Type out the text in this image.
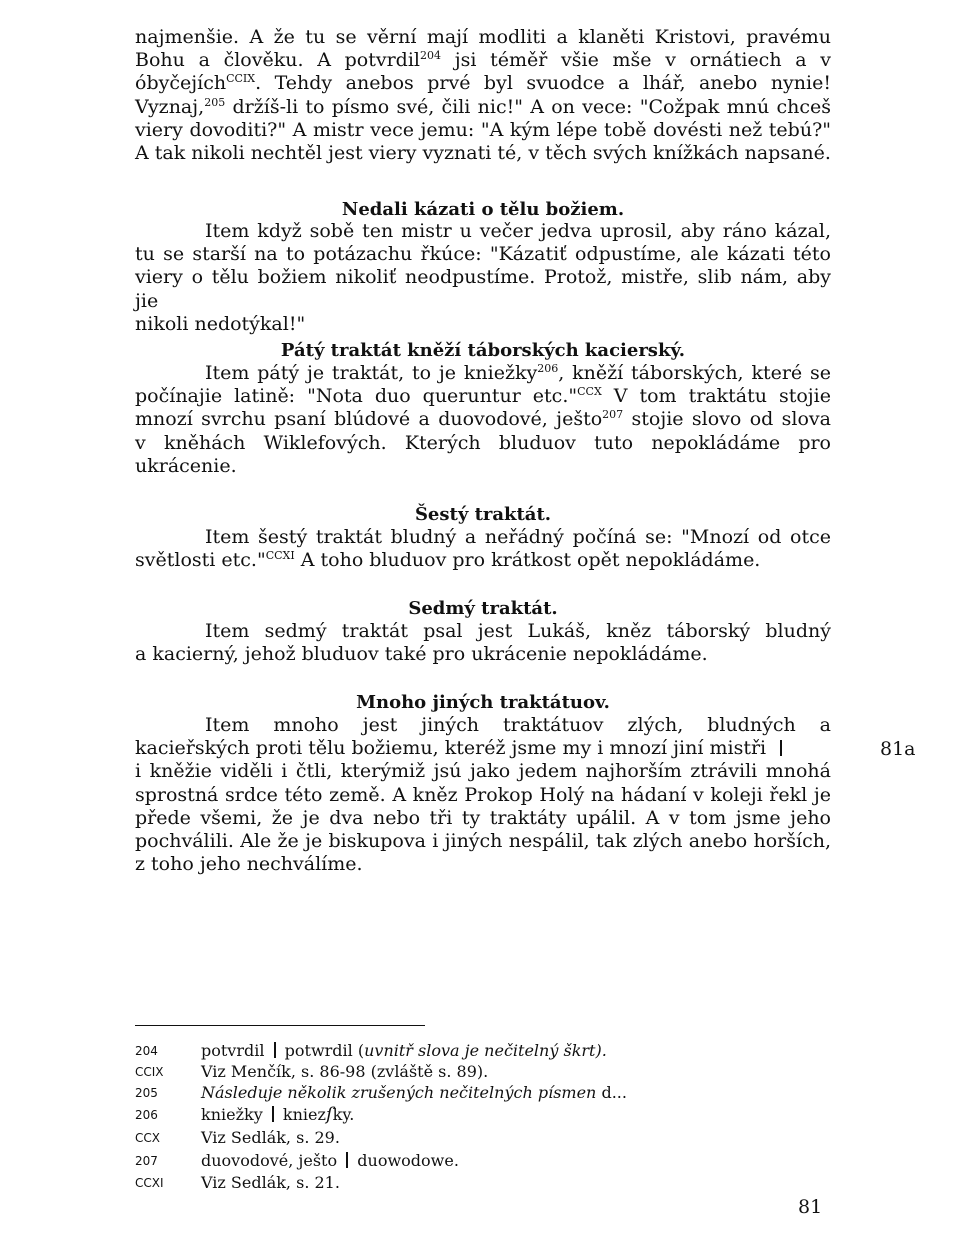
najmenšie. A že tu se věrní mají modliti a klaněti Kristovi, pravému
Bohu a člověku. A potvrdil$^{204}$ jsi téměř všie mše v ornátiech a v
óbyčejích$^{CCIX}$. Tehdy anebos prvé byl svuodce a lhář, anebo nynie!
Vyznaj,$^{205}$ držíš-li to písmo své, čili nic!" A on vece: "Cožpak mnú chceš
viery dovoditi?" A mistr vece jemu: "A kým lépe tobě dovésti než tebú?"
A tak nikoli nechtěl jest viery vyznati té, v těch svých knížkách napsané.
Nedali kázati o tělu božiem.
Item když sobě ten mistr u večer jedva uprosil, aby ráno kázal,
tu se starší na to potázachu řkúce: "Kázatiť odpustíme, ale kázati této
viery o tělu božiem nikoliť neodpustíme. Protož, mistře, slib nám, aby jie
nikoli nedotýkal!"
Pátý traktát kněží táborských kacierský.
Item pátý je traktát, to je kniežky$^{206}$, kněží táborských, které se
počínajie latině: "Nota duo queruntur etc."$^{CCX}$ V tom traktátu stojie
mnozí svrchu psaní blúdové a duovodové, ješto$^{207}$ stojie slovo od slova
v kněhách Wiklefových. Kterých bluduov tuto nepokládáme pro
ukrácenie.
Šestý traktát.
Item šestý traktát bludný a neřádný počíná se: "Mnozí od otce
světlosti etc."$^{CCXI}$ A toho bluduov pro krátkost opět nepokládáme.
Sedmý traktát.
Item sedmý traktát psal jest Lukáš, kněz táborský bludný
a kacierný, jehož bluduov také pro ukrácenie nepokládáme.
Mnoho jiných traktátuov.
Item mnoho jest jiných traktátuov zlých, bludných a
kacieřských proti tělu božiemu, kteréž jsme my i mnozí jiní mistři
i kněžie viděli i čtli, kterýmiž jsú jako jedem najhorším ztrávili mnohá
sprostná srdce této země. A kněz Prokop Holý na hádaní v koleji řekl je
přede všemi, že je dva nebo tři ty traktáty upálil. A v tom jsme jeho
pochválili. Ale že je biskupova i jiných nespálil, tak zlých anebo horších,
z toho jeho nechválíme.
81a
204	potvrdil  potwrdil (uvnitř slova je nečitelný škrt).
CCIX Viz Menčík, s. 86-98 (zvláště s. 89).
205	Následuje několik zrušených nečitelných písmen d...
206	kniežky  kniezſky.
CCX	Viz Sedlák, s. 29.
207	duovodové, ješto  duowodowe.
CCXI Viz Sedlák, s. 21.
81
